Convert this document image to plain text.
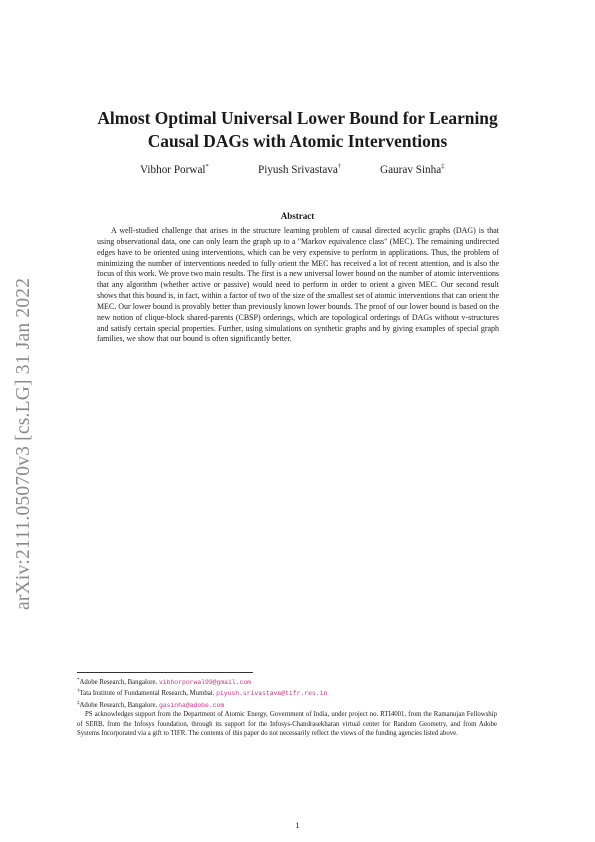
arXiv:2111.05070v3 [cs.LG] 31 Jan 2022
Almost Optimal Universal Lower Bound for Learning
Causal DAGs with Atomic Interventions
Vibhor Porwal*	Piyush Srivastava†	Gaurav Sinha‡
Abstract

A well-studied challenge that arises in the structure learning problem of causal directed acyclic graphs (DAG) is that using observational data, one can only learn the graph up to a "Markov equivalence class" (MEC). The remaining undirected edges have to be oriented using interventions, which can be very expensive to perform in applications. Thus, the problem of minimizing the number of interventions needed to fully orient the MEC has received a lot of recent attention, and is also the focus of this work. We prove two main results. The first is a new universal lower bound on the number of atomic interventions that any algorithm (whether active or passive) would need to perform in order to orient a given MEC. Our second result shows that this bound is, in fact, within a factor of two of the size of the smallest set of atomic interventions that can orient the MEC. Our lower bound is provably better than previously known lower bounds. The proof of our lower bound is based on the new notion of clique-block shared-parents (CBSP) orderings, which are topological orderings of DAGs without v-structures and satisfy certain special properties. Further, using simulations on synthetic graphs and by giving examples of special graph families, we show that our bound is often significantly better.

*Adobe Research, Bangalore. vibhorporwal99@gmail.com

†Tata Institute of Fundamental Research, Mumbai. piyush.srivastava@tifr.res.in

‡Adobe Research, Bangalore. gasinha@adobe.com

PS acknowledges support from the Department of Atomic Energy, Government of India, under project no. RTI4001, from the Ramanujan Fellowship of SERB, from the Infosys foundation, through its support for the Infosys-Chandrasekharan virtual center for Random Geometry, and from Adobe Systems Incorporated via a gift to TIFR. The contents of this paper do not necessarily reflect the views of the funding agencies listed above.

1
